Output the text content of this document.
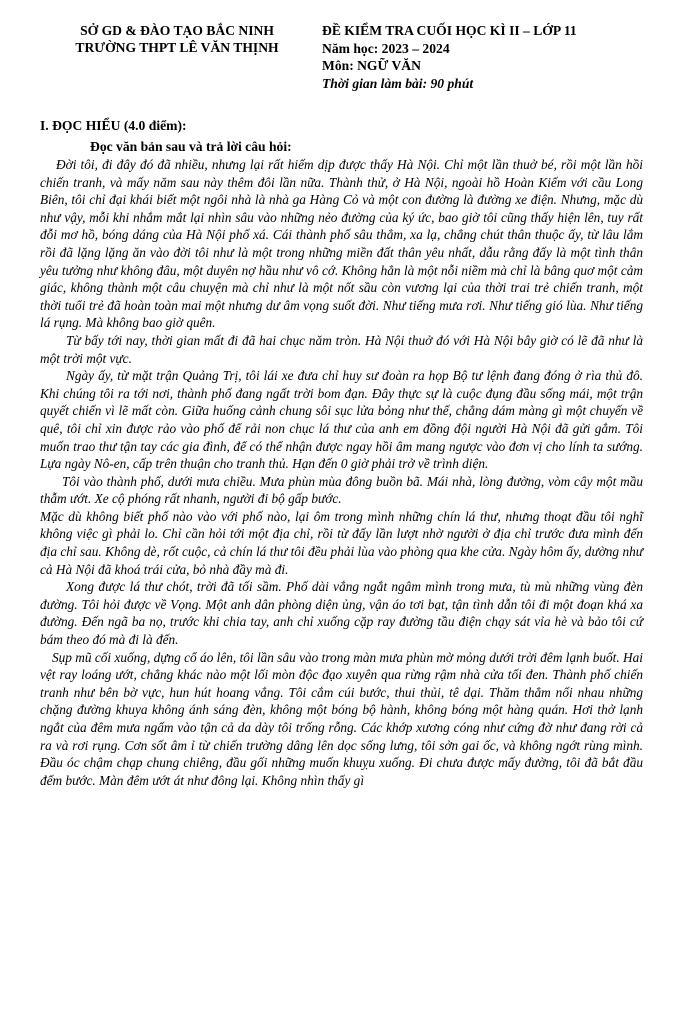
SỞ GD & ĐÀO TẠO BẮC NINH
TRƯỜNG THPT LÊ VĂN THỊNH
ĐỀ KIỂM TRA CUỐI HỌC KÌ II – LỚP 11
Năm học: 2023 – 2024
Môn: NGỮ VĂN
Thời gian làm bài: 90 phút
I. ĐỌC HIỂU (4.0 điểm):
Đọc văn bản sau và trả lời câu hỏi:

Đời tôi, đi đây đó đã nhiều, nhưng lại rất hiếm dịp được thấy Hà Nội. Chỉ một lần thuở bé, rồi một lần hồi chiến tranh, và mấy năm sau này thêm đôi lần nữa. Thành thử, ở Hà Nội, ngoài hồ Hoàn Kiếm với cầu Long Biên, tôi chỉ đại khái biết một ngôi nhà là nhà ga Hàng Cỏ và một con đường là đường xe điện. Nhưng, mặc dù như vậy, mỗi khi nhắm mắt lại nhìn sâu vào những nẻo đường của ký ức, bao giờ tôi cũng thấy hiện lên, tuy rất đỗi mơ hồ, bóng dáng của Hà Nội phố xá. Cái thành phố sâu thẳm, xa lạ, chẳng chút thân thuộc ấy, từ lâu lắm rồi đã lặng lặng ăn vào đời tôi như là một trong những miền đất thân yêu nhất, dẫu rằng đấy là một tình thân yêu tưởng như không đâu, một duyên nợ hầu như vô cớ. Không hẳn là một nỗi niềm mà chỉ là bâng quơ một cảm giác, không thành một câu chuyện mà chỉ như là một nốt sầu còn vương lại của thời trai trẻ chiến tranh, một thời tuổi trẻ đã hoàn toàn mai một nhưng dư âm vọng suốt đời. Như tiếng mưa rơi. Như tiếng gió lùa. Như tiếng lá rụng. Mà không bao giờ quên.

Từ bấy tới nay, thời gian mất đi đã hai chục năm tròn. Hà Nội thuở đó với Hà Nội bây giờ có lẽ đã như là một trời một vực.

Ngày ấy, từ mặt trận Quảng Trị, tôi lái xe đưa chỉ huy sư đoàn ra họp Bộ tư lệnh đang đóng ở rìa thủ đô. Khi chúng tôi ra tới nơi, thành phố đang ngất trời bom đạn. Đây thực sự là cuộc đụng đầu sống mái, một trận quyết chiến vì lẽ mất còn. Giữa huống cảnh chung sôi sục lửa bỏng như thế, chẳng dám màng gì một chuyến về quê, tôi chỉ xin được rảo vào phố để rải non chục lá thư của anh em đồng đội người Hà Nội đã gửi gắm. Tôi muốn trao thư tận tay các gia đình, để có thể nhận được ngay hồi âm mang ngược vào đơn vị cho lính ta sướng. Lựa ngày Nô-en, cấp trên thuận cho tranh thủ. Hạn đến 0 giờ phải trở về trình diện.

Tôi vào thành phố, dưới mưa chiều. Mưa phùn mùa đông buồn bã. Mái nhà, lòng đường, vòm cây một mầu thẫm ướt. Xe cộ phóng rất nhanh, người đi bộ gấp bước.

Mặc dù không biết phố nào vào với phố nào, lại ôm trong mình những chín lá thư, nhưng thoạt đầu tôi nghĩ không việc gì phải lo. Chỉ cần hỏi tới một địa chỉ, rồi từ đấy lần lượt nhờ người ở địa chỉ trước đưa mình đến địa chỉ sau. Không dè, rốt cuộc, cả chín lá thư tôi đều phải lùa vào phòng qua khe cửa. Ngày hôm ấy, dường như cả Hà Nội đã khoá trái cửa, bỏ nhà đầy mà đi.

Xong được lá thư chót, trời đã tối sầm. Phố dài vắng ngắt ngâm mình trong mưa, tù mù những vùng đèn đường. Tôi hỏi được về Vọng. Một anh dân phòng diện ủng, vận áo tơi bạt, tận tình dẫn tôi đi một đoạn khá xa đường. Đến ngã ba nọ, trước khi chia tay, anh chỉ xuống cặp ray đường tầu điện chạy sát vỉa hè và bảo tôi cứ bám theo đó mà đi là đến.

Sụp mũ cối xuống, dựng cổ áo lên, tôi lần sâu vào trong màn mưa phùn mờ mỏng dưới trời đêm lạnh buốt. Hai vệt ray loáng ướt, chẳng khác nào một lối mòn độc đạo xuyên qua rừng rậm nhà cửa tối đen. Thành phố chiến tranh như bên bờ vực, hun hút hoang vắng. Tôi cắm cúi bước, thui thủi, tê dại. Thăm thẳm nối nhau những chặng đường khuya không ánh sáng đèn, không một bóng bộ hành, không bóng một hàng quán. Hơi thở lạnh ngắt của đêm mưa ngấm vào tận cả da dày tôi trống rỗng. Các khớp xương cóng như cứng đờ như đang rời cả ra và rơi rụng. Cơn sốt âm ỉ từ chiến trường dâng lên dọc sống lưng, tôi sởn gai ốc, và không ngớt rùng mình. Đầu óc chậm chạp chung chiêng, đầu gối những muốn khuỵu xuống. Đi chưa được mấy đường, tôi đã bắt đầu đếm bước. Màn đêm ướt át như đông lại. Không nhìn thấy gì
